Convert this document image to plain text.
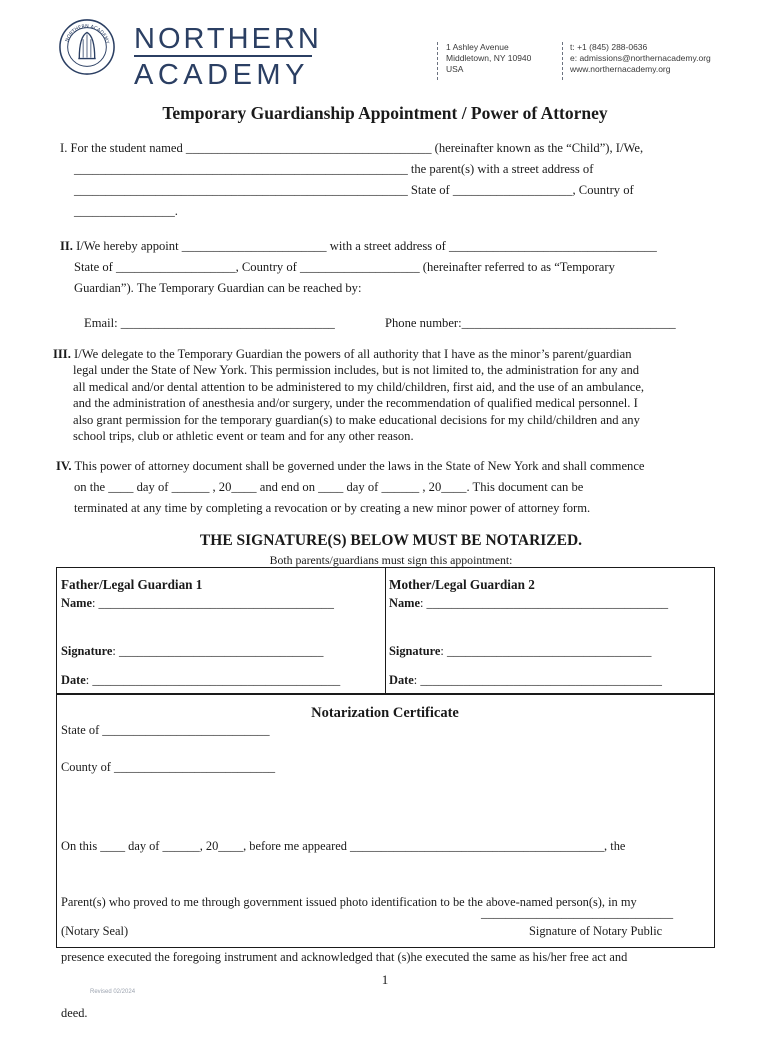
NORTHERN ACADEMY NORTHERN
ACADEMY
1 Ashley Avenue
Middletown, NY 10940
USA
t: +1 (845) 288-0636
e: admissions@northernacademy.org
www.northernacademy.org
Temporary Guardianship Appointment / Power of Attorney
I. For the student named _______________________________________ (hereinafter known as the “Child”), I/We,
_____________________________________________________ the parent(s) with a street address of
_____________________________________________________ State of ___________________, Country of
________________.
II. I/We hereby appoint _______________________ with a street address of _________________________________
State of ___________________, Country of ___________________ (hereinafter referred to as “Temporary
Guardian”). The Temporary Guardian can be reached by:
Email: __________________________________	Phone number:__________________________________
III. I/We delegate to the Temporary Guardian the powers of all authority that I have as the minor’s parent/guardian
legal under the State of New York. This permission includes, but is not limited to, the administration for any and
all medical and/or dental attention to be administered to my child/children, first aid, and the use of an ambulance,
and the administration of anesthesia and/or surgery, under the recommendation of qualified medical personnel. I
also grant permission for the temporary guardian(s) to make educational decisions for my child/children and any
school trips, club or athletic event or team and for any other reason.
IV. This power of attorney document shall be governed under the laws in the State of New York and shall commence
on the ____ day of ______ , 20____ and end on ____ day of ______ , 20____. This document can be
terminated at any time by completing a revocation or by creating a new minor power of attorney form.
THE SIGNATURE(S) BELOW MUST BE NOTARIZED.
Both parents/guardians must sign this appointment:
Father/Legal Guardian 1
Name: ______________________________________
Signature: _________________________________
Date: ________________________________________
Mother/Legal Guardian 2
Name: _______________________________________
Signature: _________________________________
Date: _______________________________________
Notarization Certificate
State of ___________________________
County of __________________________

On this ____ day of ______, 20____, before me appeared _________________________________________, the

Parent(s) who proved to me through government issued photo identification to be the above-named person(s), in my

presence executed the foregoing instrument and acknowledged that (s)he executed the same as his/her free act and

deed.

_______________________________
(Notary Seal)	Signature of Notary Public
1
Revised 02/2024
